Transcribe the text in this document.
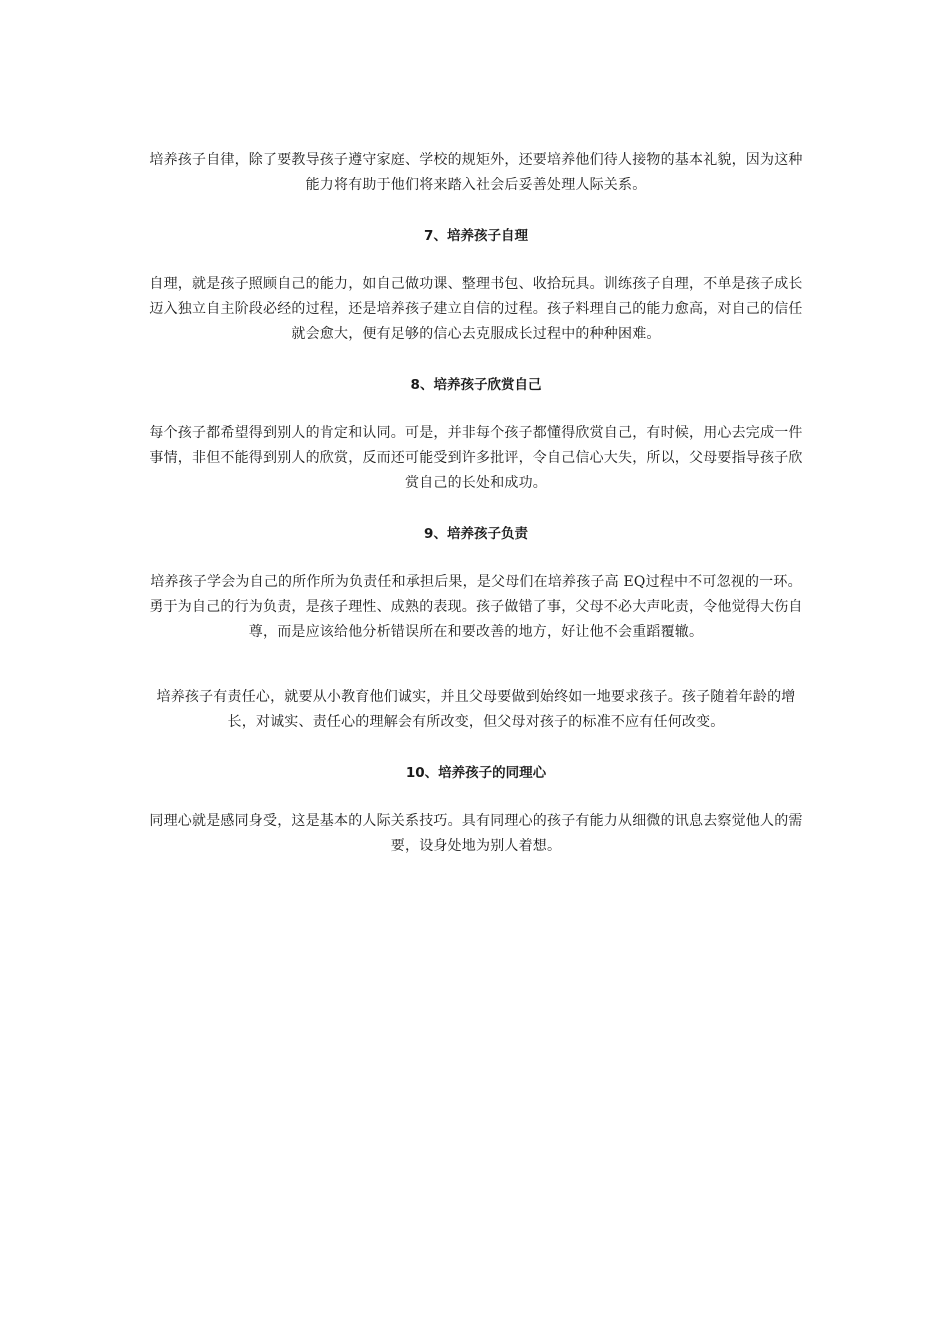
培养孩子自律，除了要教导孩子遵守家庭、学校的规矩外，还要培养他们待人接物的基本礼貌，因为这种能力将有助于他们将来踏入社会后妥善处理人际关系。

7、培养孩子自理

自理，就是孩子照顾自己的能力，如自己做功课、整理书包、收拾玩具。训练孩子自理，不单是孩子成长迈入独立自主阶段必经的过程，还是培养孩子建立自信的过程。孩子料理自己的能力愈高，对自己的信任就会愈大，便有足够的信心去克服成长过程中的种种困难。

8、培养孩子欣赏自己

每个孩子都希望得到别人的肯定和认同。可是，并非每个孩子都懂得欣赏自己，有时候，用心去完成一件事情，非但不能得到别人的欣赏，反而还可能受到许多批评，令自己信心大失，所以，父母要指导孩子欣赏自己的长处和成功。

9、培养孩子负责

培养孩子学会为自己的所作所为负责任和承担后果，是父母们在培养孩子高 EQ过程中不可忽视的一环。勇于为自己的行为负责，是孩子理性、成熟的表现。孩子做错了事，父母不必大声叱责，令他觉得大伤自尊，而是应该给他分析错误所在和要改善的地方，好让他不会重蹈覆辙。

培养孩子有责任心，就要从小教育他们诚实，并且父母要做到始终如一地要求孩子。孩子随着年龄的增长，对诚实、责任心的理解会有所改变，但父母对孩子的标准不应有任何改变。

10、培养孩子的同理心

同理心就是感同身受，这是基本的人际关系技巧。具有同理心的孩子有能力从细微的讯息去察觉他人的需要，设身处地为别人着想。
